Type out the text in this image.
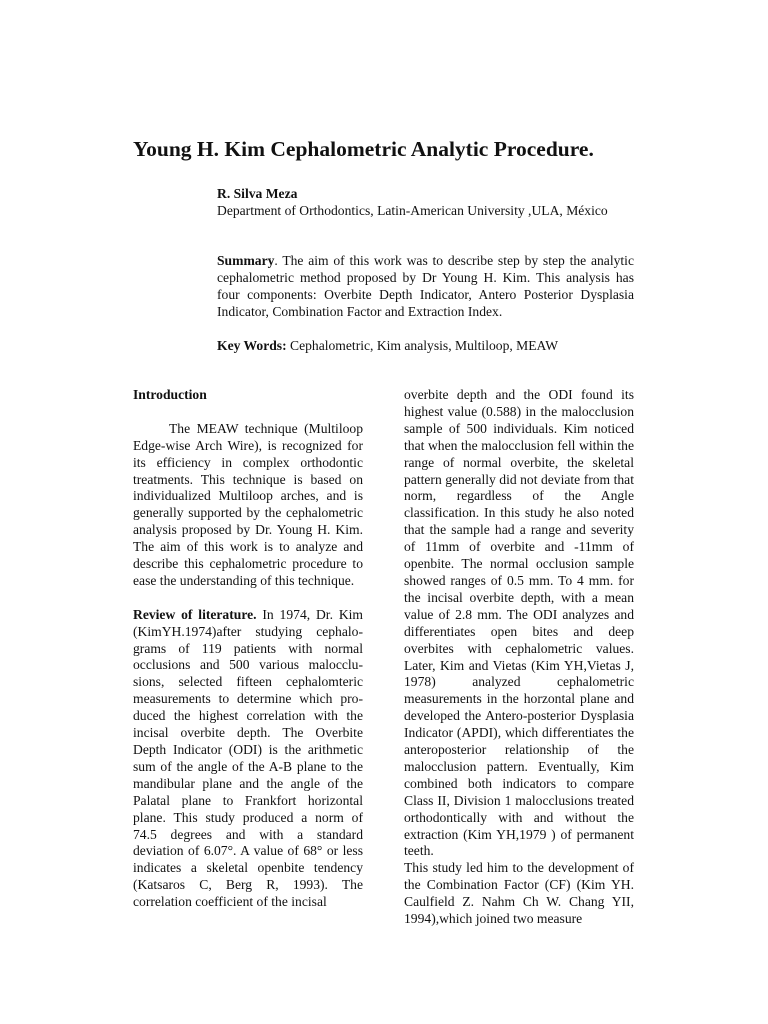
Young H. Kim Cephalometric Analytic Procedure.
R. Silva Meza
Department of Orthodontics, Latin-American University ,ULA, México

Summary. The aim of this work was to describe step by step the analytic cephalometric method proposed by Dr Young H. Kim. This analysis has four components: Overbite Depth Indicator, Antero Posterior Dysplasia Indicator, Combination Factor and Extraction Index.

Key Words: Cephalometric, Kim analysis, Multiloop, MEAW

Introduction

The MEAW technique (Multiloop Edge-wise Arch Wire), is recognized for its efficiency in complex orthodontic treatments. This technique is based on individualized Multiloop arches, and is generally supported by the cephalometric analysis proposed by Dr. Young H. Kim. The aim of this work is to analyze and describe this cephalometric procedure to ease the understanding of this technique.

Review of literature. In 1974, Dr. Kim (KimYH.1974)after studying cephalograms of 119 patients with normal occlusions and 500 various malocclusions, selected fifteen cephalomteric measurements to determine which produced the highest correlation with the incisal overbite depth. The Overbite Depth Indicator (ODI) is the arithmetic sum of the angle of the A-B plane to the mandibular plane and the angle of the Palatal plane to Frankfort horizontal plane. This study produced a norm of 74.5 degrees and with a standard deviation of 6.07°. A value of 68° or less indicates a skeletal openbite tendency (Katsaros C, Berg R, 1993). The correlation coefficient of the incisal

overbite depth and the ODI found its highest value (0.588) in the malocclusion sample of 500 individuals. Kim noticed that when the malocclusion fell within the range of normal overbite, the skeletal pattern generally did not deviate from that norm, regardless of the Angle classification. In this study he also noted that the sample had a range and severity of 11mm of overbite and -11mm of openbite. The normal occlusion sample showed ranges of 0.5 mm. To 4 mm. for the incisal overbite depth, with a mean value of 2.8 mm. The ODI analyzes and differentiates open bites and deep overbites with cephalometric values. Later, Kim and Vietas (Kim YH,Vietas J, 1978) analyzed cephalometric measurements in the horzontal plane and developed the Antero-posterior Dysplasia Indicator (APDI), which differentiates the anteroposterior relationship of the malocclusion pattern. Eventually, Kim combined both indicators to compare Class II, Division 1 malocclusions treated orthodontically with and without the extraction (Kim YH,1979 ) of permanent teeth.

This study led him to the development of the Combination Factor (CF) (Kim YH. Caulfield Z. Nahm Ch W. Chang YII, 1994),which joined two measure
